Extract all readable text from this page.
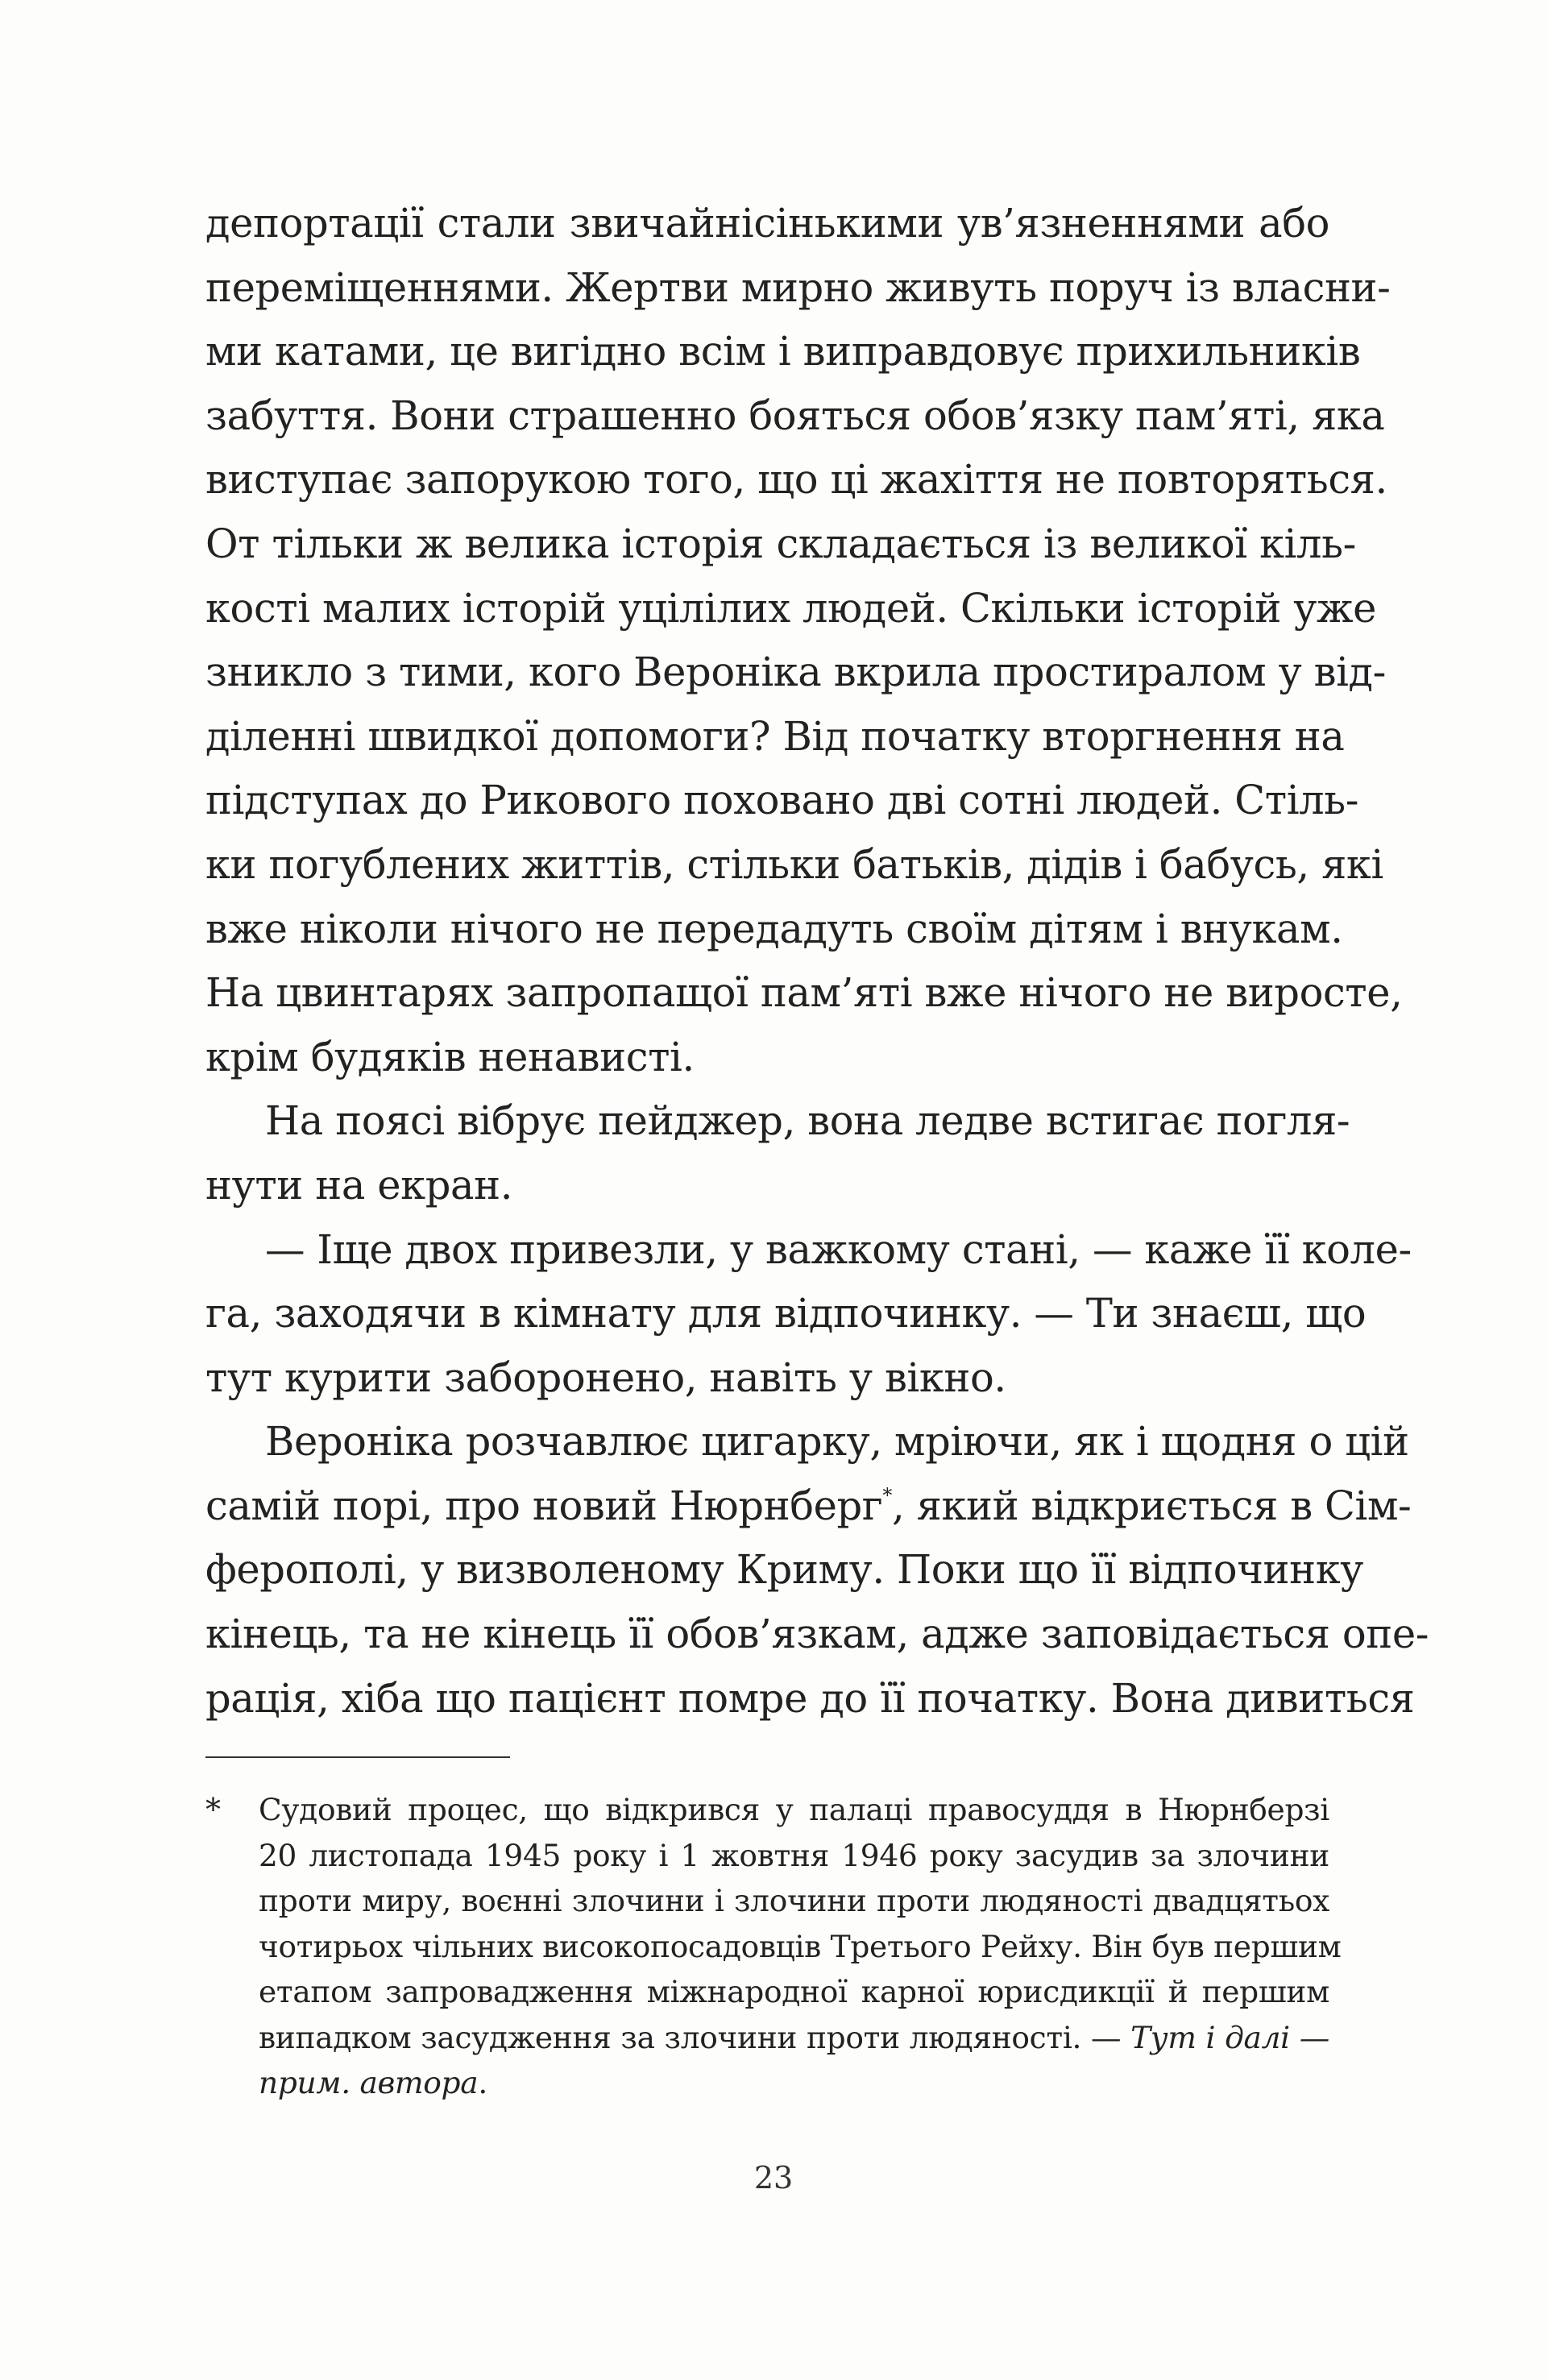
депортації стали звичайнісінькими ув’язненнями або
переміщеннями. Жертви мирно живуть поруч із власни-
ми катами, це вигідно всім і виправдовує прихильників
забуття. Вони страшенно бояться обов’язку пам’яті, яка
виступає запорукою того, що ці жахіття не повторяться.
От тільки ж велика історія складається із великої кіль-
кості малих історій уцілілих людей. Скільки історій уже
зникло з тими, кого Вероніка вкрила простиралом у від-
діленні швидкої допомоги? Від початку вторгнення на
підступах до Рикового поховано дві сотні людей. Стіль-
ки погублених життів, стільки батьків, дідів і бабусь, які
вже ніколи нічого не передадуть своїм дітям і внукам.
На цвинтарях запропащої пам’яті вже нічого не виросте,
крім будяків ненависті.
На поясі вібрує пейджер, вона ледве встигає погля-
нути на екран.
— Іще двох привезли, у важкому стані, — каже її коле-
га, заходячи в кімнату для відпочинку. — Ти знаєш, що
тут курити заборонено, навіть у вікно.
Вероніка розчавлює цигарку, мріючи, як і щодня о цій
самій порі, про новий Нюрнберг*, який відкриється в Сім-
ферополі, у визволеному Криму. Поки що її відпочинку
кінець, та не кінець її обов’язкам, адже заповідається опе-
рація, хіба що пацієнт помре до її початку. Вона дивиться
* Судовий процес, що відкрився у палаці правосуддя в Нюрнберзі
20 листопада 1945 року і 1 жовтня 1946 року засудив за злочини
проти миру, воєнні злочини і злочини проти людяності двадцятьох
чотирьох чільних високопосадовців Третього Рейху. Він був першим
етапом запровадження міжнародної карної юрисдикції й першим
випадком засудження за злочини проти людяності. — Тут і далі —
прим. автора.
23
